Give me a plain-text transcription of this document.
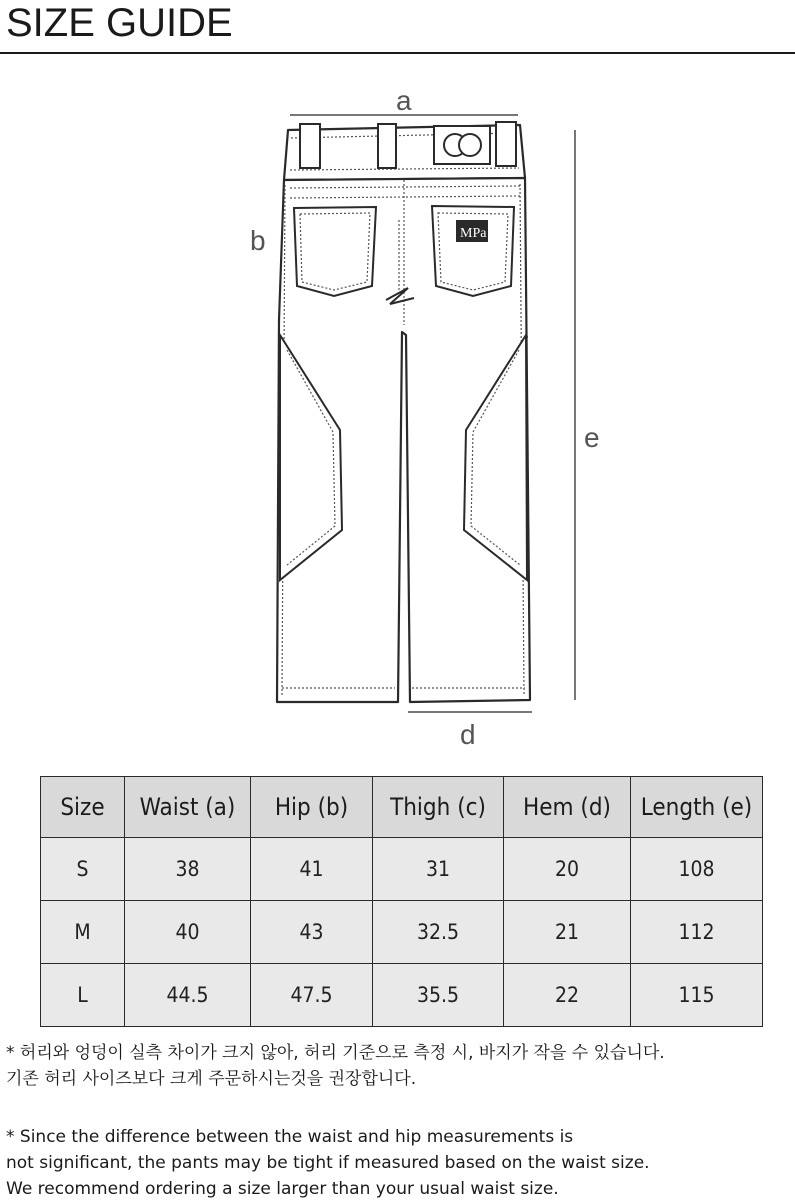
SIZE GUIDE
a
e
b
d
MPa
Size	Waist (a)	Hip (b)	Thigh (c)	Hem (d)	Length (e)
S	38	41	31	20	108
M	40	43	32.5	21	112
L	44.5	47.5	35.5	22	115
* 허리와 엉덩이 실측 차이가 크지 않아, 허리 기준으로 측정 시, 바지가 작을 수 있습니다.
기존 허리 사이즈보다 크게 주문하시는것을 권장합니다.
* Since the difference between the waist and hip measurements is
not significant, the pants may be tight if measured based on the waist size.
We recommend ordering a size larger than your usual waist size.
